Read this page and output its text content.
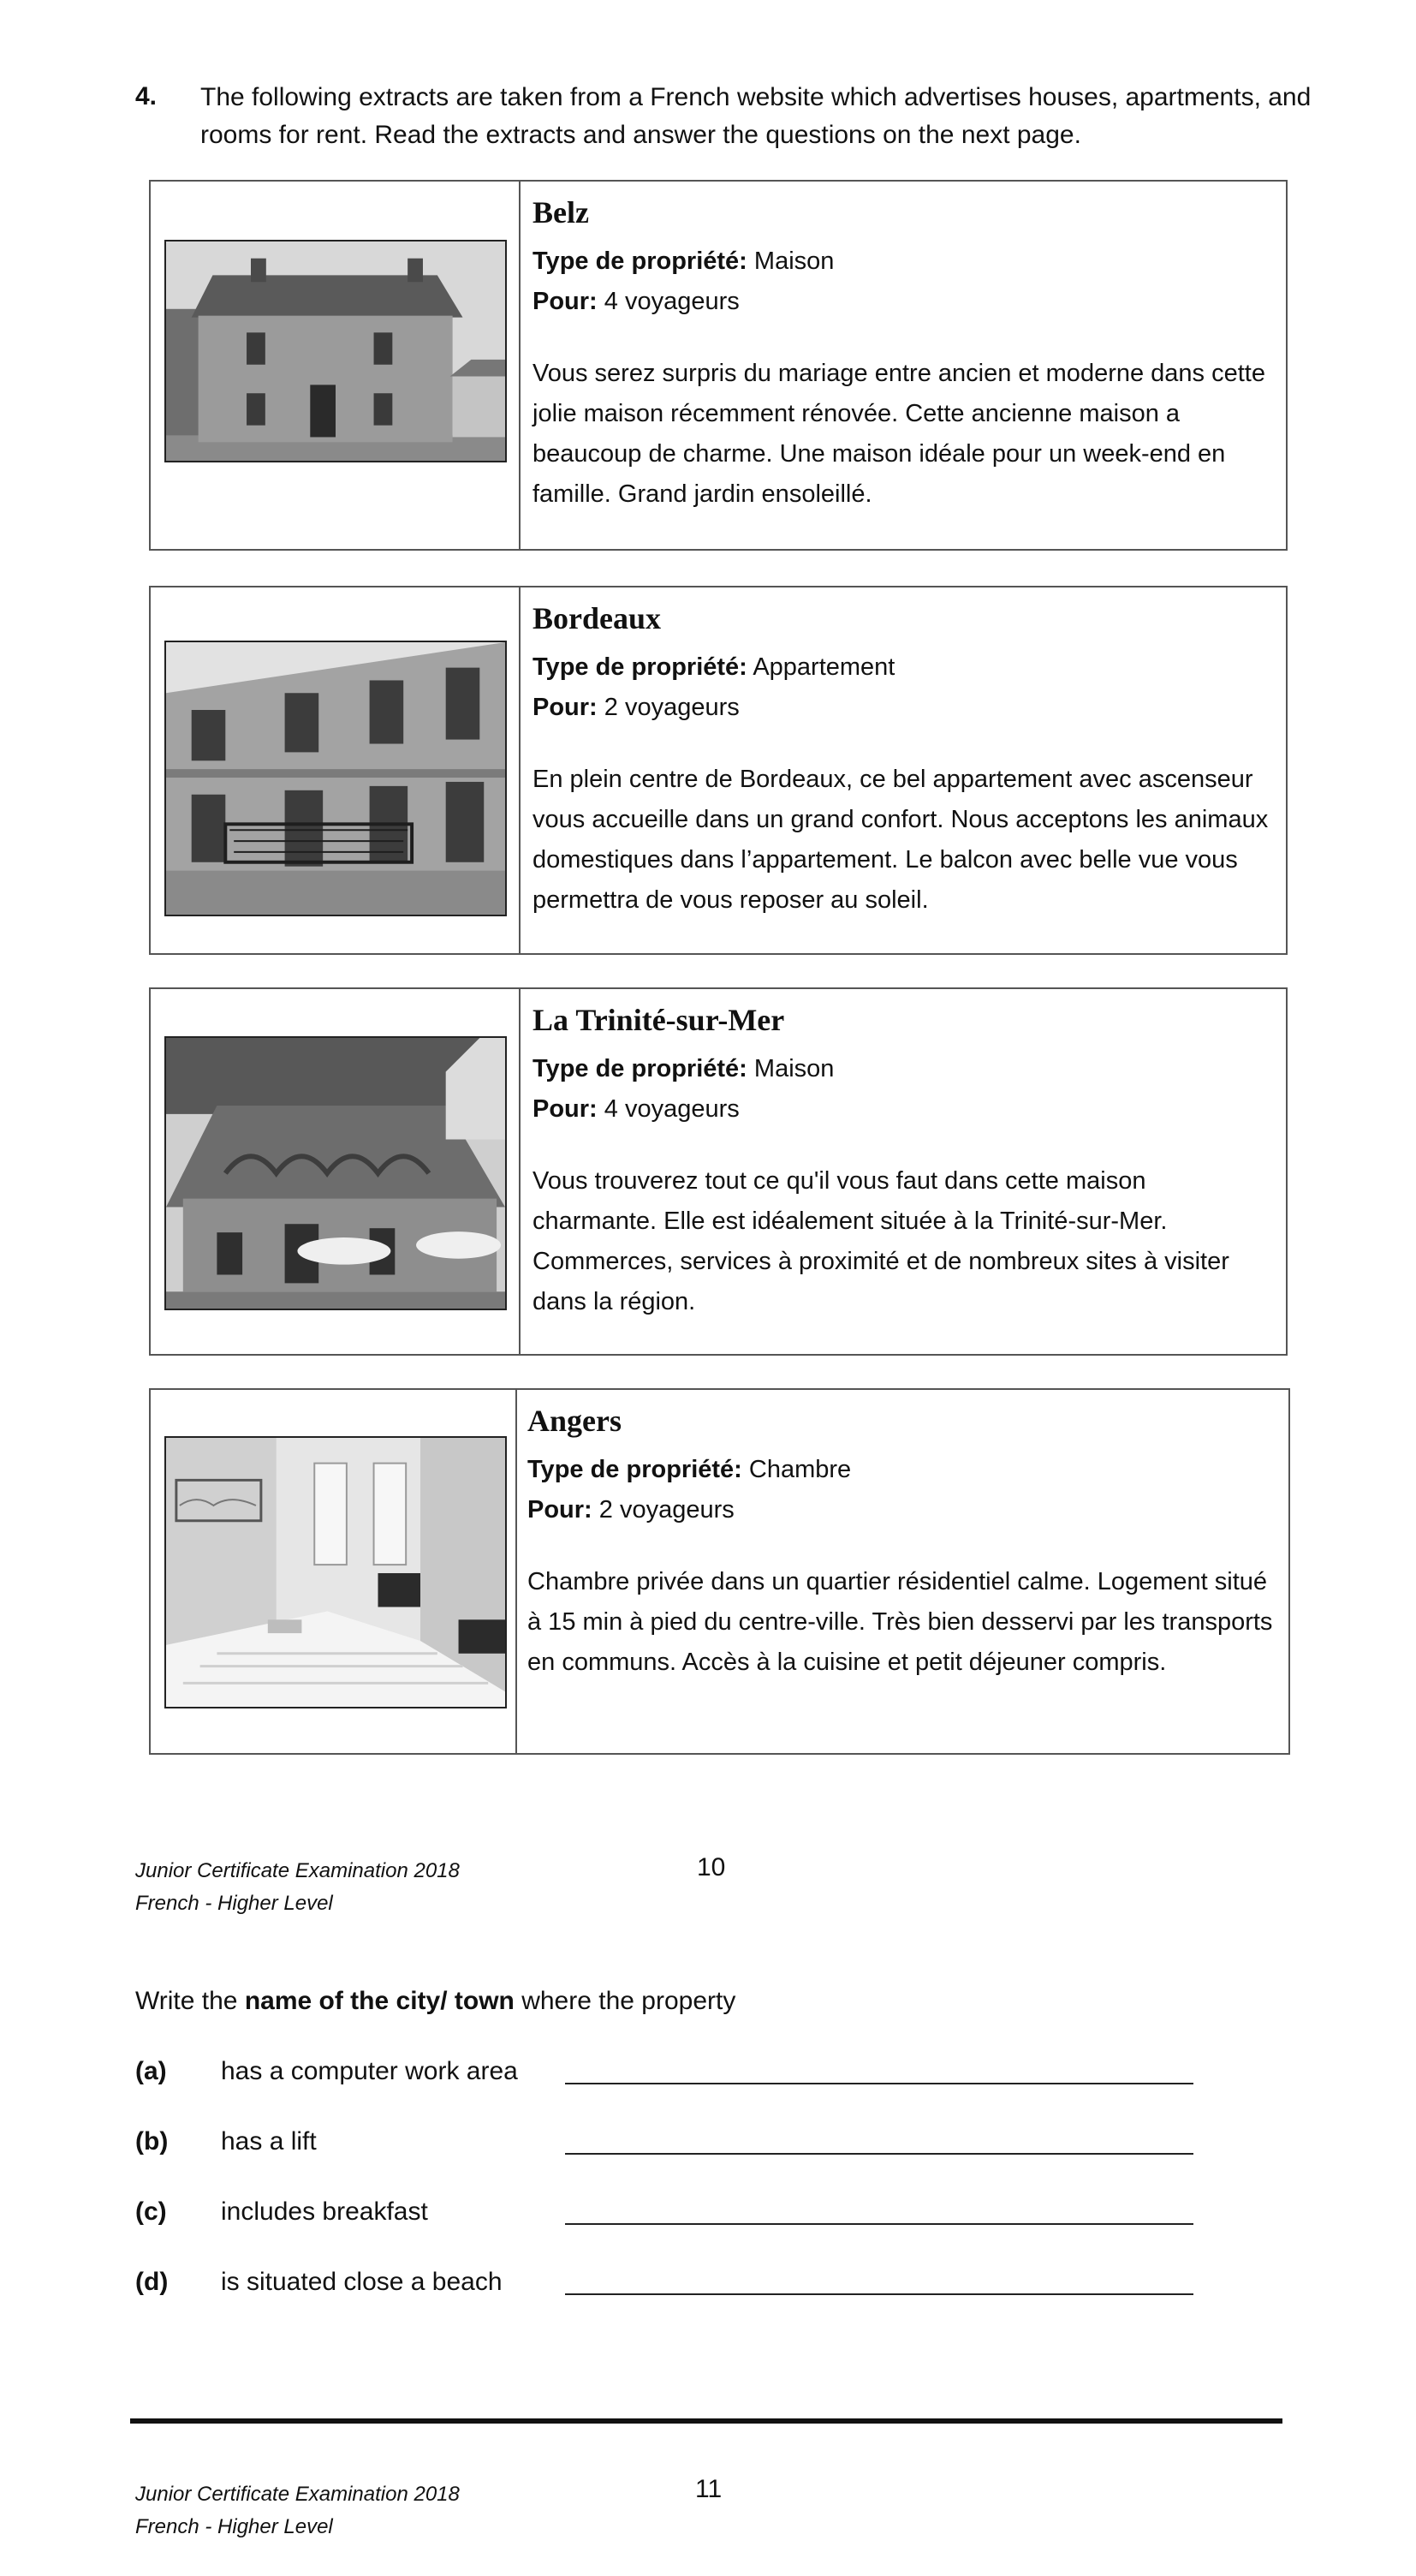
4. The following extracts are taken from a French website which advertises houses, apartments, and rooms for rent. Read the extracts and answer the questions on the next page.
Belz
Type de propriété: Maison
Pour: 4 voyageurs
Vous serez surpris du mariage entre ancien et moderne dans cette jolie maison récemment rénovée. Cette ancienne maison a beaucoup de charme. Une maison idéale pour un week-end en famille. Grand jardin ensoleillé.
Bordeaux
Type de propriété: Appartement
Pour: 2 voyageurs
En plein centre de Bordeaux, ce bel appartement avec ascenseur vous accueille dans un grand confort. Nous acceptons les animaux domestiques dans l’appartement. Le balcon avec belle vue vous permettra de vous reposer au soleil.
La Trinité-sur-Mer
Type de propriété: Maison
Pour: 4 voyageurs
Vous trouverez tout ce qu'il vous faut dans cette maison charmante. Elle est idéalement située à la Trinité-sur-Mer. Commerces, services à proximité et de nombreux sites à visiter dans la région.
Angers
Type de propriété: Chambre
Pour: 2 voyageurs
Chambre privée dans un quartier résidentiel calme. Logement situé à 15 min à pied du centre-ville. Très bien desservi par les transports en communs. Accès à la cuisine et petit déjeuner compris.
Junior Certificate Examination 2018
French - Higher Level
10
Write the name of the city/ town where the property
(a) has a computer work area
(b) has a lift
(c) includes breakfast
(d) is situated close a beach
Junior Certificate Examination 2018
French - Higher Level
11
